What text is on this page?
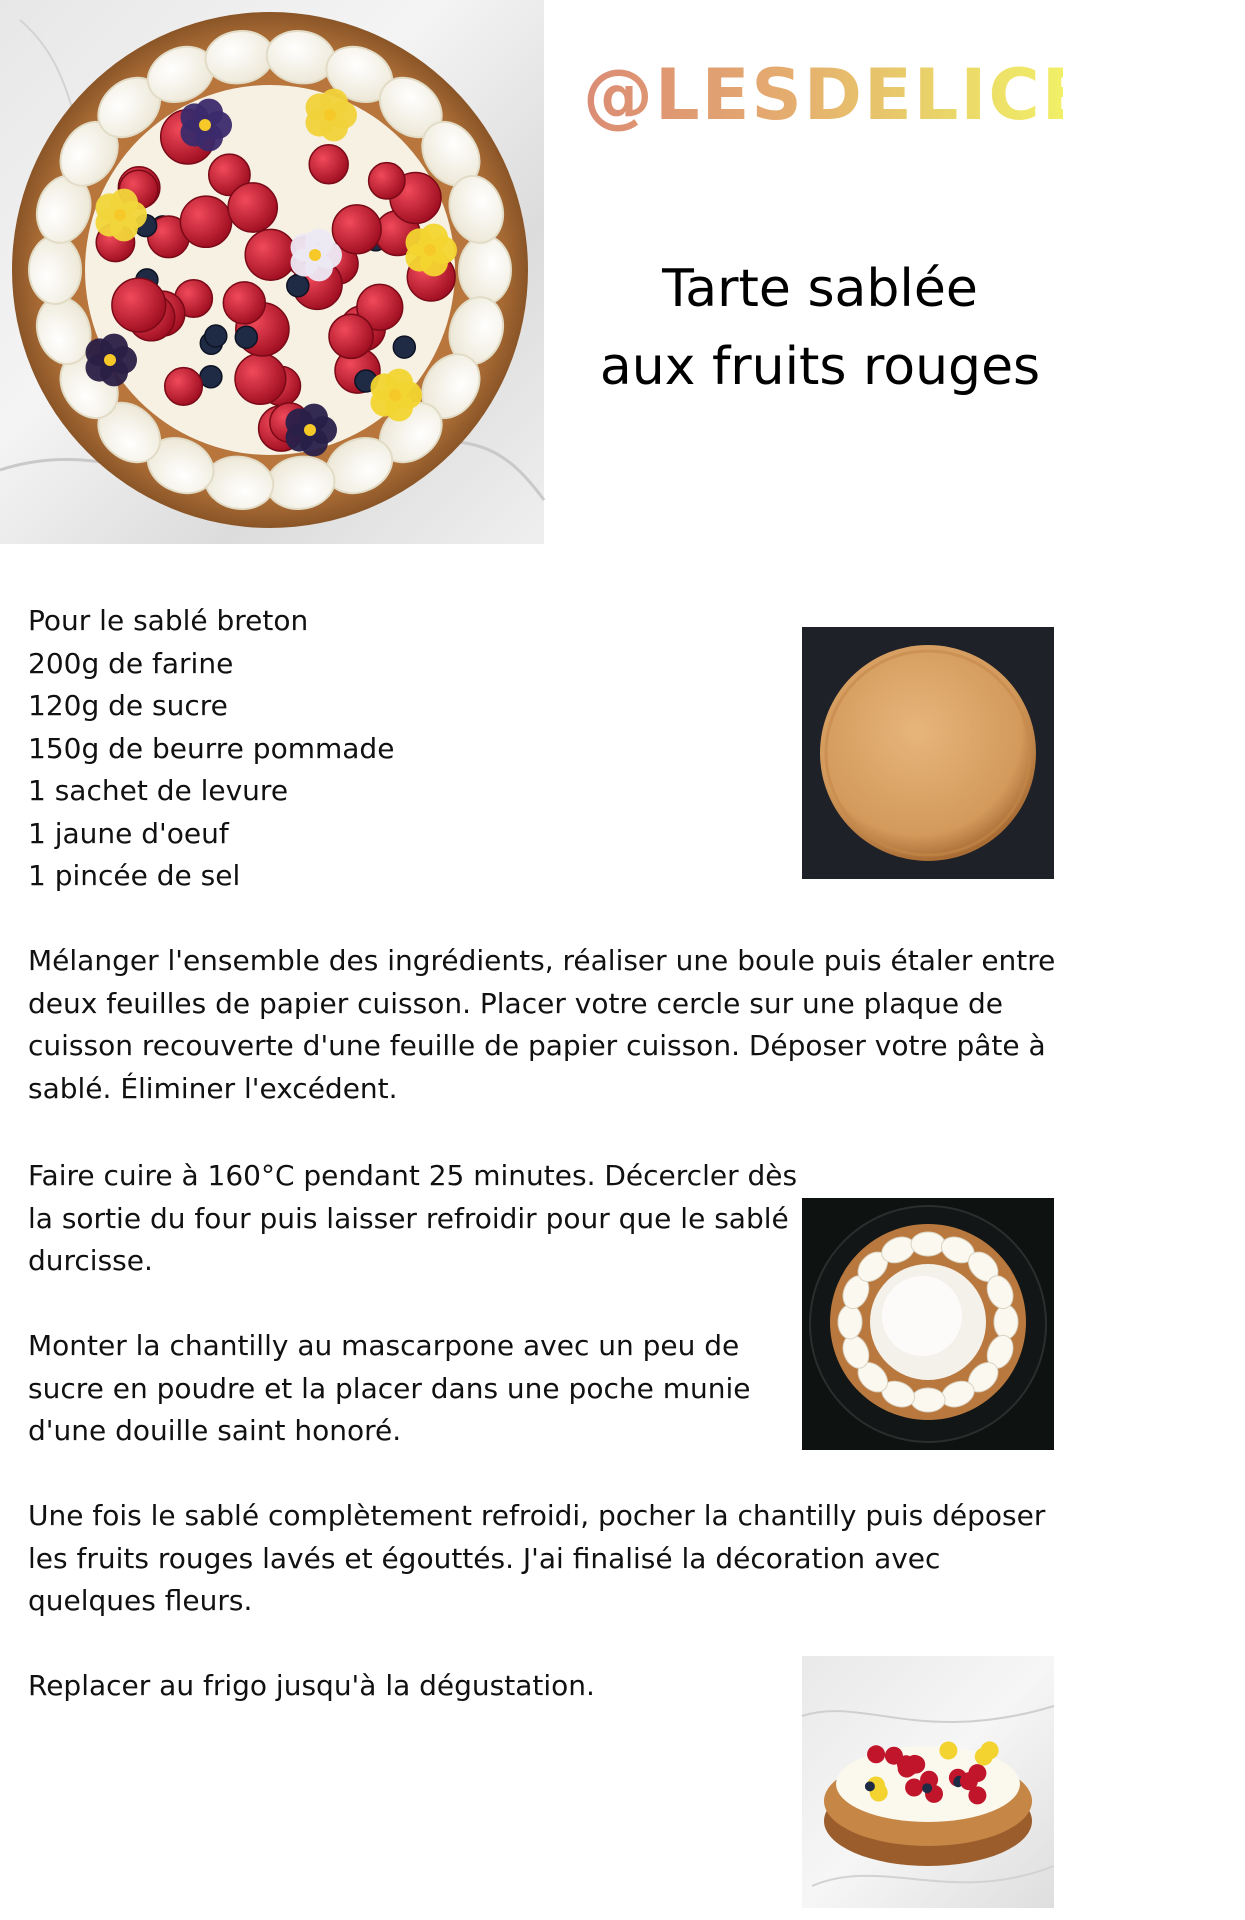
@LESDELICES31
Tarte sablée
aux fruits rouges
Pour le sablé breton
200g de farine
120g de sucre
150g de beurre pommade
1 sachet de levure
1 jaune d'oeuf
1 pincée de sel
Mélanger l'ensemble des ingrédients, réaliser une boule puis étaler entre deux feuilles de papier cuisson. Placer votre cercle sur une plaque de cuisson recouverte d'une feuille de papier cuisson. Déposer votre pâte à sablé. Éliminer l'excédent.
Faire cuire à 160°C pendant 25 minutes. Décercler dès la sortie du four puis laisser refroidir pour que le sablé durcisse.
Monter la chantilly au mascarpone avec un peu de sucre en poudre et la placer dans une poche munie d'une douille saint honoré.
Une fois le sablé complètement refroidi, pocher la chantilly puis déposer les fruits rouges lavés et égouttés. J'ai finalisé la décoration avec quelques fleurs.
Replacer au frigo jusqu'à la dégustation.
